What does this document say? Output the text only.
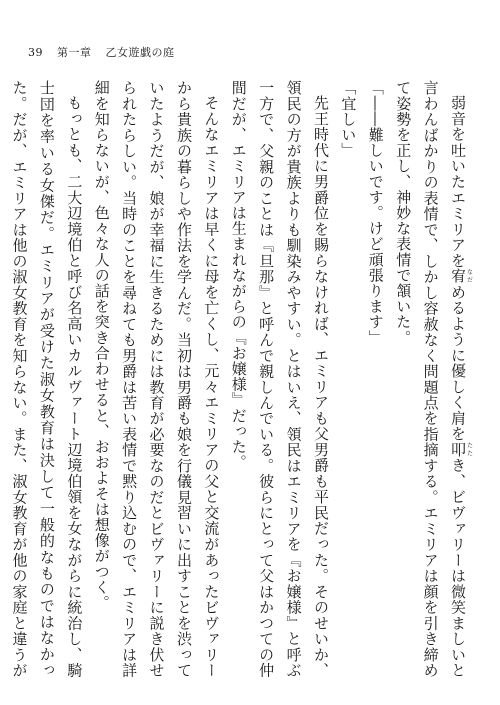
39 第一章 乙女遊戯の庭

弱音を吐いたエミリアを宥なだめるように優しく肩を叩たたき、ビヴァリーは微笑ましいと言わんばかりの表情で、しかし容赦なく問題点を指摘する。エミリアは顔を引き締めて姿勢を正し、神妙な表情で頷いた。

「――難しいです。けど頑張ります」

「宜しい」

先王時代に男爵位を賜らなければ、エミリアも父男爵も平民だった。そのせいか、領民の方が貴族よりも馴染みやすい。とはいえ、領民はエミリアを『お嬢様』と呼ぶ一方で、父親のことは『旦那』と呼んで親しんでいる。彼らにとって父はかつての仲間だが、エミリアは生まれながらの『お嬢様』だった。

そんなエミリアは早くに母を亡くし、元々エミリアの父と交流があったビヴァリーから貴族の暮らしや作法を学んだ。当初は男爵も娘を行儀見習いに出すことを渋っていたようだが、娘が幸福に生きるためには教育が必要なのだとビヴァリーに説き伏せられたらしい。当時のことを尋ねても男爵は苦い表情で黙り込むので、エミリアは詳細を知らないが、色々な人の話を突き合わせると、おおよそは想像がつく。

もっとも、二大辺境伯と呼び名高いカルヴァート辺境伯領を女ながらに統治し、騎士団を率いる女傑だ。エミリアが受けた淑女教育は決して一般的なものではなかった。だが、エミリアは他の淑女教育を知らない。また、淑女教育が他の家庭と違うが
